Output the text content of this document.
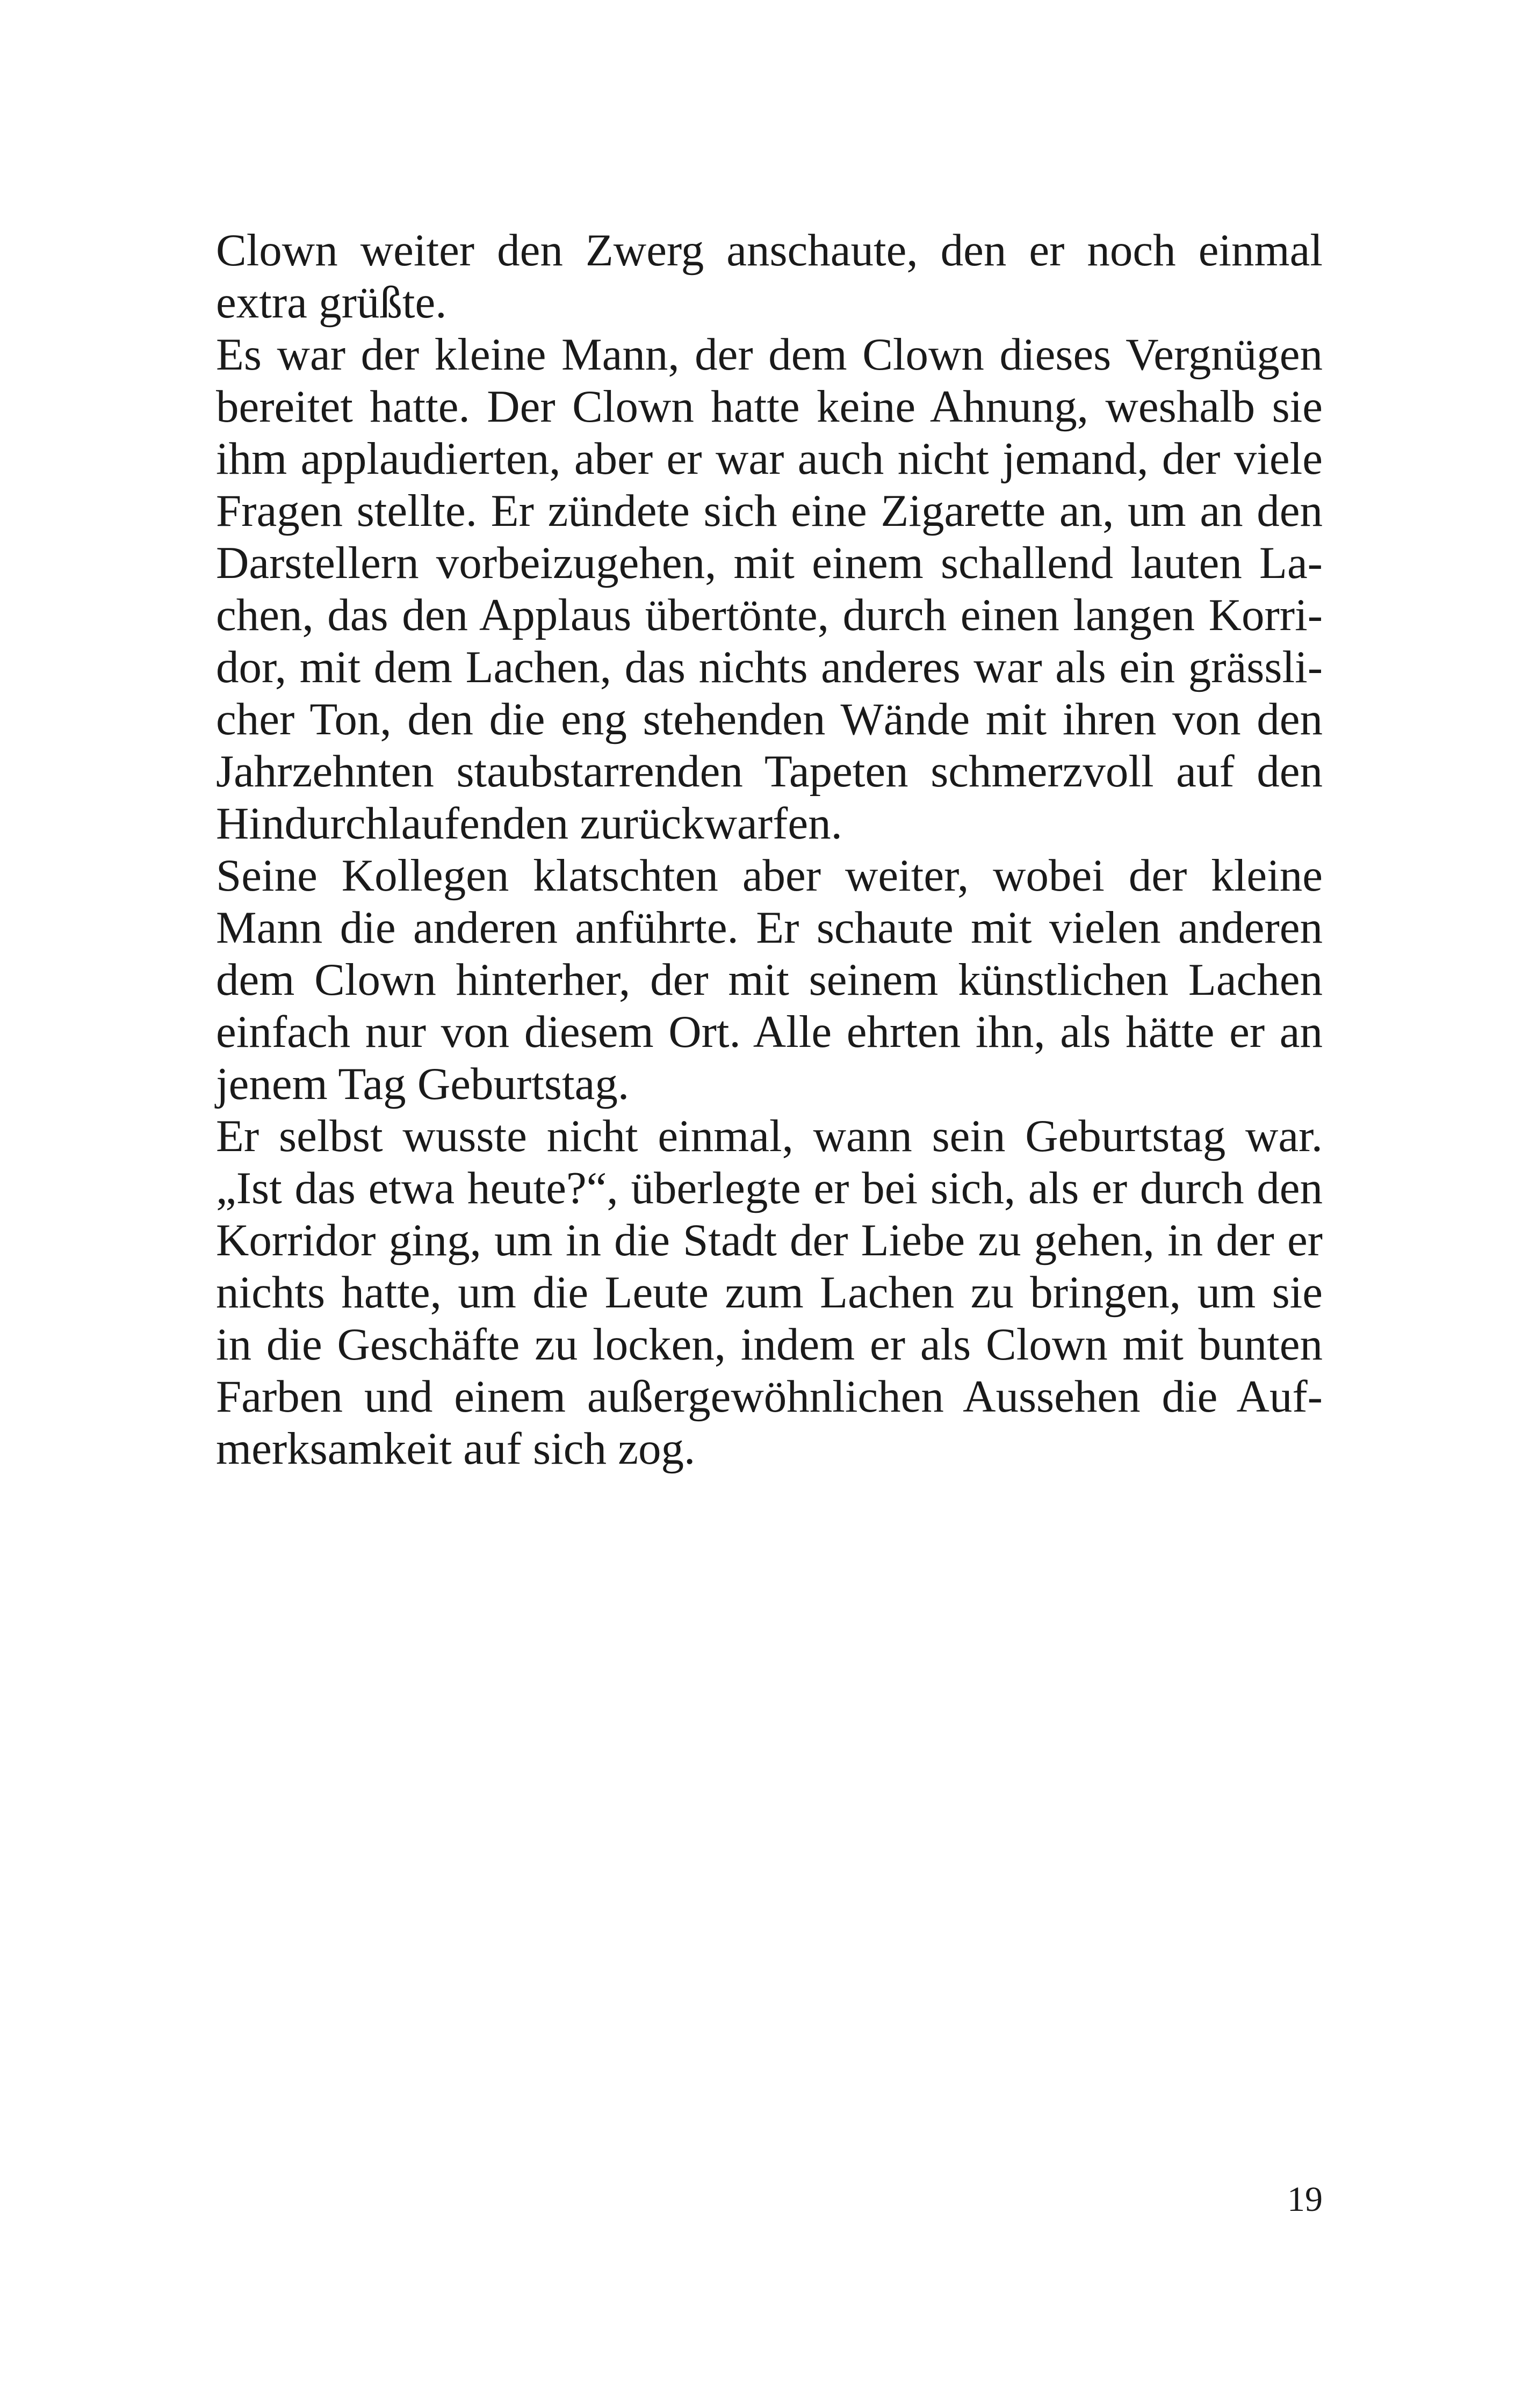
Clown weiter den Zwerg anschaute, den er noch einmal
extra grüßte.
Es war der kleine Mann, der dem Clown dieses Vergnügen
bereitet hatte. Der Clown hatte keine Ahnung, weshalb sie
ihm applaudierten, aber er war auch nicht jemand, der viele
Fragen stellte. Er zündete sich eine Zigarette an, um an den
Darstellern vorbeizugehen, mit einem schallend lauten La-
chen, das den Applaus übertönte, durch einen langen Korri-
dor, mit dem Lachen, das nichts anderes war als ein grässli-
cher Ton, den die eng stehenden Wände mit ihren von den
Jahrzehnten staubstarrenden Tapeten schmerzvoll auf den
Hindurchlaufenden zurückwarfen.
Seine Kollegen klatschten aber weiter, wobei der kleine
Mann die anderen anführte. Er schaute mit vielen anderen
dem Clown hinterher, der mit seinem künstlichen Lachen
einfach nur von diesem Ort. Alle ehrten ihn, als hätte er an
jenem Tag Geburtstag.
Er selbst wusste nicht einmal, wann sein Geburtstag war.
„Ist das etwa heute?“, überlegte er bei sich, als er durch den
Korridor ging, um in die Stadt der Liebe zu gehen, in der er
nichts hatte, um die Leute zum Lachen zu bringen, um sie
in die Geschäfte zu locken, indem er als Clown mit bunten
Farben und einem außergewöhnlichen Aussehen die Auf-
merksamkeit auf sich zog.
19
